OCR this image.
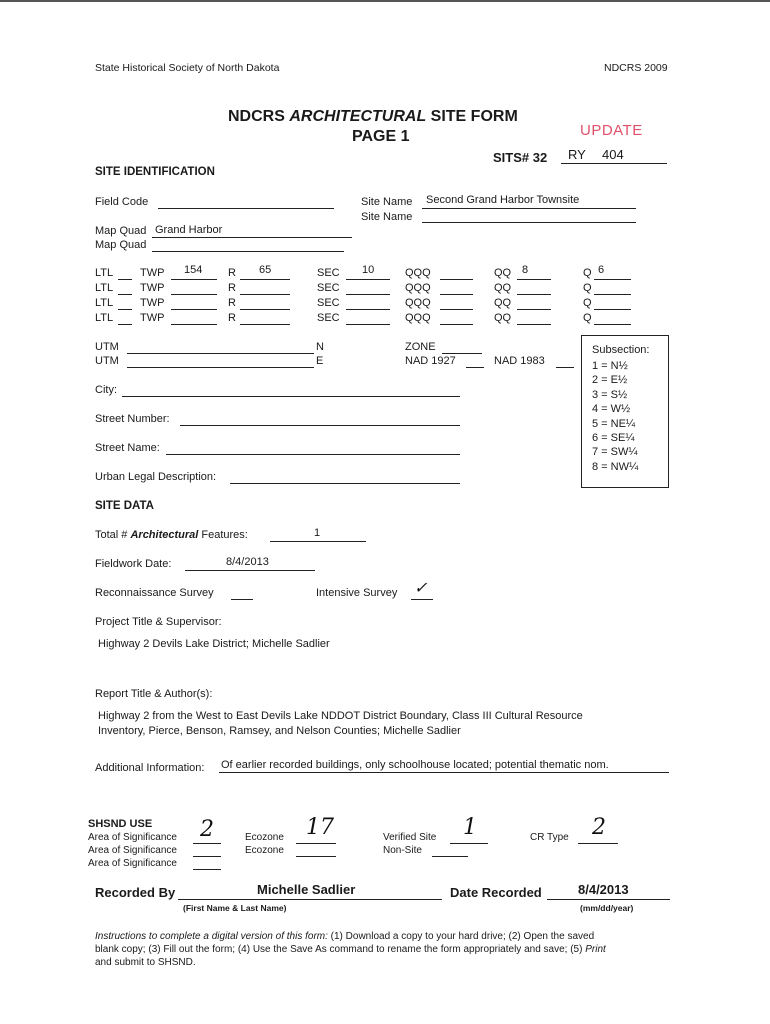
State Historical Society of North Dakota	NDCRS 2009
NDCRS ARCHITECTURAL SITE FORM
PAGE 1	UPDATE
SITS# 32 RY 404
SITE IDENTIFICATION
Field Code	Site Name Second Grand Harbor Townsite
Site Name
Map Quad Grand Harbor
Map Quad
LTL TWP 154 R 65	SEC 10	QQQ	QQ 8	Q 6
LTL TWP	R	SEC	QQQ	QQ	Q
LTL TWP	R	SEC	QQQ	QQ	Q
LTL TWP	R	SEC	QQQ	QQ	Q
UTM	N
UTM	E
ZONE
NAD 1927	NAD 1983
Subsection:
1 = N½
2 = E½
3 = S½
4 = W½
5 = NE¼
6 = SE¼
7 = SW¼
8 = NW¼
City:
Street Number:
Street Name:
Urban Legal Description:
SITE DATA
Total # Architectural Features:	1
Fieldwork Date:	8/4/2013
Reconnaissance Survey	Intensive Survey ✓
Project Title & Supervisor:
Highway 2 Devils Lake District; Michelle Sadlier
Report Title & Author(s):
Highway 2 from the West to East Devils Lake NDDOT District Boundary, Class III Cultural Resource
Inventory, Pierce, Benson, Ramsey, and Nelson Counties; Michelle Sadlier
Additional Information: Of earlier recorded buildings, only schoolhouse located; potential thematic nom.
SHSND USE
Area of Significance 2
Area of Significance
Area of Significance
Ecozone 17
Ecozone
Verified Site 1
Non-Site
CR Type 2
Recorded By	Michelle Sadlier
(First Name & Last Name)
Date Recorded	8/4/2013
(mm/dd/year)
Instructions to complete a digital version of this form: (1) Download a copy to your hard drive; (2) Open the saved
blank copy; (3) Fill out the form; (4) Use the Save As command to rename the form appropriately and save; (5) Print
and submit to SHSND.
